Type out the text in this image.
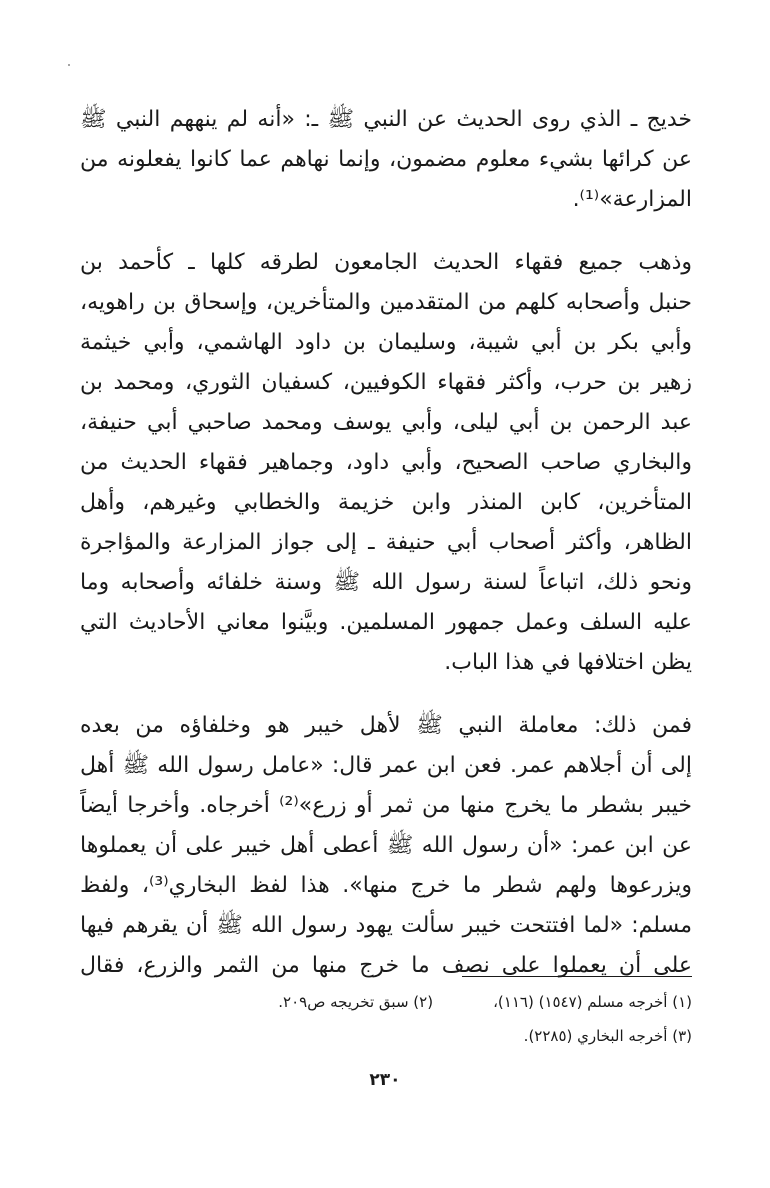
خديج ـ الذي روى الحديث عن النبي ﷺ ـ: «أنه لم ينههم النبي ﷺ
عن كرائها بشيء معلوم مضمون، وإنما نهاهم عما كانوا يفعلونه من
المزارعة»⁽¹⁾.
وذهب جميع فقهاء الحديث الجامعون لطرقه كلها ـ كأحمد بن
حنبل وأصحابه كلهم من المتقدمين والمتأخرين، وإسحاق بن راهويه،
وأبي بكر بن أبي شيبة، وسليمان بن داود الهاشمي، وأبي خيثمة
زهير بن حرب، وأكثر فقهاء الكوفيين، كسفيان الثوري، ومحمد بن
عبد الرحمن بن أبي ليلى، وأبي يوسف ومحمد صاحبي أبي حنيفة،
والبخاري صاحب الصحيح، وأبي داود، وجماهير فقهاء الحديث من
المتأخرين، كابن المنذر وابن خزيمة والخطابي وغيرهم، وأهل
الظاهر، وأكثر أصحاب أبي حنيفة ـ إلى جواز المزارعة والمؤاجرة
ونحو ذلك، اتباعاً لسنة رسول الله ﷺ وسنة خلفائه وأصحابه وما
عليه السلف وعمل جمهور المسلمين. وبيَّنوا معاني الأحاديث التي
يظن اختلافها في هذا الباب.
فمن ذلك: معاملة النبي ﷺ لأهل خيبر هو وخلفاؤه من بعده
إلى أن أجلاهم عمر. فعن ابن عمر قال: «عامل رسول الله ﷺ أهل
خيبر بشطر ما يخرج منها من ثمر أو زرع»⁽²⁾ أخرجاه. وأخرجا أيضاً
عن ابن عمر: «أن رسول الله ﷺ أعطى أهل خيبر على أن يعملوها
ويزرعوها ولهم شطر ما خرج منها». هذا لفظ البخاري⁽³⁾، ولفظ
مسلم: «لما افتتحت خيبر سألت يهود رسول الله ﷺ أن يقرهم فيها
على أن يعملوا على نصف ما خرج منها من الثمر والزرع، فقال
(١) أخرجه مسلم (١٥٤٧) (١١٦)،
(٢) سبق تخريجه ص٢٠٩.
(٣) أخرجه البخاري (٢٢٨٥).
٢٣٠
